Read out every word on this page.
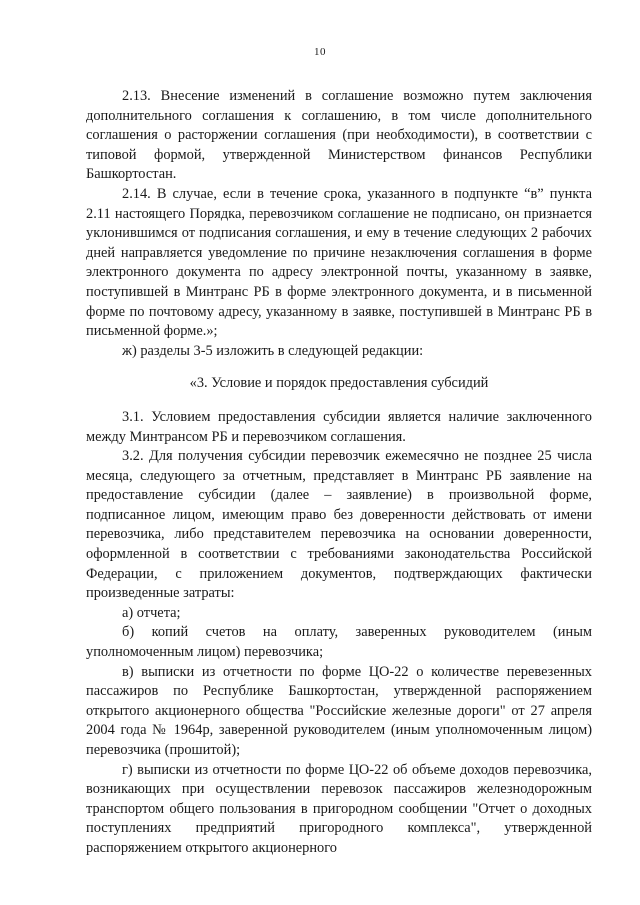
10

2.13. Внесение изменений в соглашение возможно путем заключения дополнительного соглашения к соглашению, в том числе дополнительного соглашения о расторжении соглашения (при необходимости), в соответствии с типовой формой, утвержденной Министерством финансов Республики Башкортостан.

2.14. В случае, если в течение срока, указанного в подпункте “в” пункта 2.11 настоящего Порядка, перевозчиком соглашение не подписано, он признается уклонившимся от подписания соглашения, и ему в течение следующих 2 рабочих дней направляется уведомление по причине незаключения соглашения в форме электронного документа по адресу электронной почты, указанному в заявке, поступившей в Минтранс РБ в форме электронного документа, и в письменной форме по почтовому адресу, указанному в заявке, поступившей в Минтранс РБ в письменной форме.»;

ж) разделы 3-5 изложить в следующей редакции:

«3. Условие и порядок предоставления субсидий

3.1. Условием предоставления субсидии является наличие заключенного между Минтрансом РБ и перевозчиком соглашения.

3.2. Для получения субсидии перевозчик ежемесячно не позднее 25 числа месяца, следующего за отчетным, представляет в Минтранс РБ заявление на предоставление субсидии (далее – заявление) в произвольной форме, подписанное лицом, имеющим право без доверенности действовать от имени перевозчика, либо представителем перевозчика на основании доверенности, оформленной в соответствии с требованиями законодательства Российской Федерации, с приложением документов, подтверждающих фактически произведенные затраты:

а) отчета;

б) копий счетов на оплату, заверенных руководителем (иным уполномоченным лицом) перевозчика;

в) выписки из отчетности по форме ЦО-22 о количестве перевезенных пассажиров по Республике Башкортостан, утвержденной распоряжением открытого акционерного общества "Российские железные дороги" от 27 апреля 2004 года № 1964р, заверенной руководителем (иным уполномоченным лицом) перевозчика (прошитой);

г) выписки из отчетности по форме ЦО-22 об объеме доходов перевозчика, возникающих при осуществлении перевозок пассажиров железнодорожным транспортом общего пользования в пригородном сообщении "Отчет о доходных поступлениях предприятий пригородного комплекса", утвержденной распоряжением открытого акционерного
